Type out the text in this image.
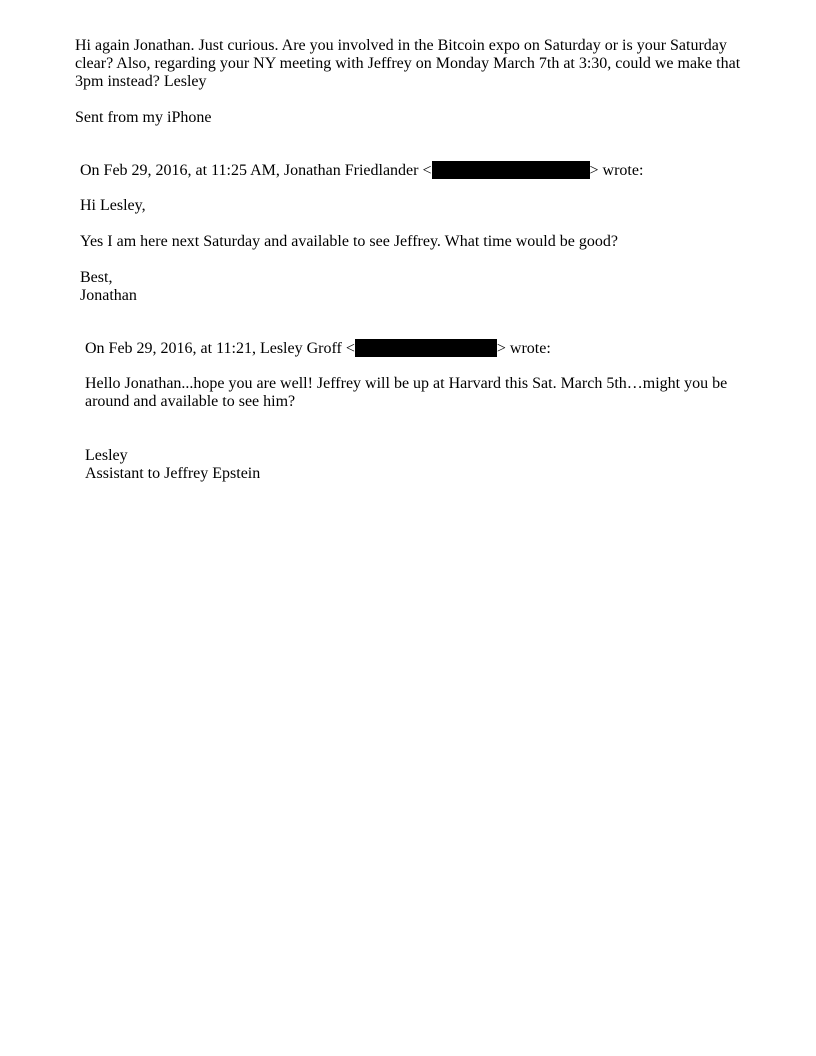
Hi again Jonathan. Just curious. Are you involved in the Bitcoin expo on Saturday or is your Saturday clear? Also, regarding your NY meeting with Jeffrey on Monday March 7th at 3:30, could we make that 3pm instead? Lesley

Sent from my iPhone

On Feb 29, 2016, at 11:25 AM, Jonathan Friedlander <	> wrote:

Hi Lesley,

Yes I am here next Saturday and available to see Jeffrey. What time would be good?

Best,
Jonathan
On Feb 29, 2016, at 11:21, Lesley Groff <	> wrote:

Hello Jonathan...hope you are well! Jeffrey will be up at Harvard this Sat. March 5th…might you be around and available to see him?

Lesley
Assistant to Jeffrey Epstein
